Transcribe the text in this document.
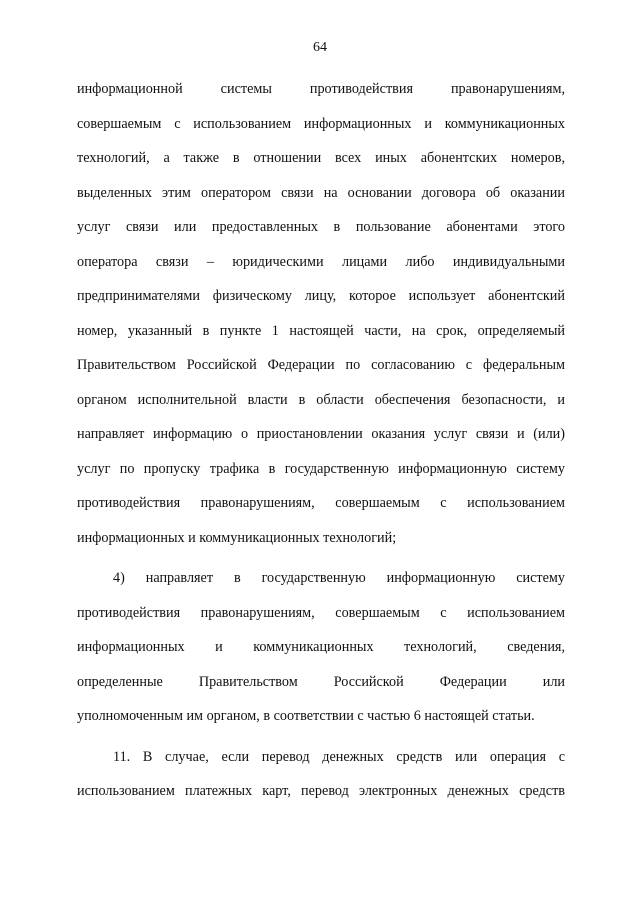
64

информационной системы противодействия правонарушениям,
совершаемым с использованием информационных и коммуникационных
технологий, а также в отношении всех иных абонентских номеров,
выделенных этим оператором связи на основании договора об оказании
услуг связи или предоставленных в пользование абонентами этого
оператора связи – юридическими лицами либо индивидуальными
предпринимателями физическому лицу, которое использует абонентский
номер, указанный в пункте 1 настоящей части, на срок, определяемый
Правительством Российской Федерации по согласованию с федеральным
органом исполнительной власти в области обеспечения безопасности, и
направляет информацию о приостановлении оказания услуг связи и (или)
услуг по пропуску трафика в государственную информационную систему
противодействия правонарушениям, совершаемым с использованием
информационных и коммуникационных технологий;

4) направляет в государственную информационную систему
противодействия правонарушениям, совершаемым с использованием
информационных и коммуникационных технологий, сведения,
определенные Правительством Российской Федерации или
уполномоченным им органом, в соответствии с частью 6 настоящей статьи.

11. В случае, если перевод денежных средств или операция с
использованием платежных карт, перевод электронных денежных средств
